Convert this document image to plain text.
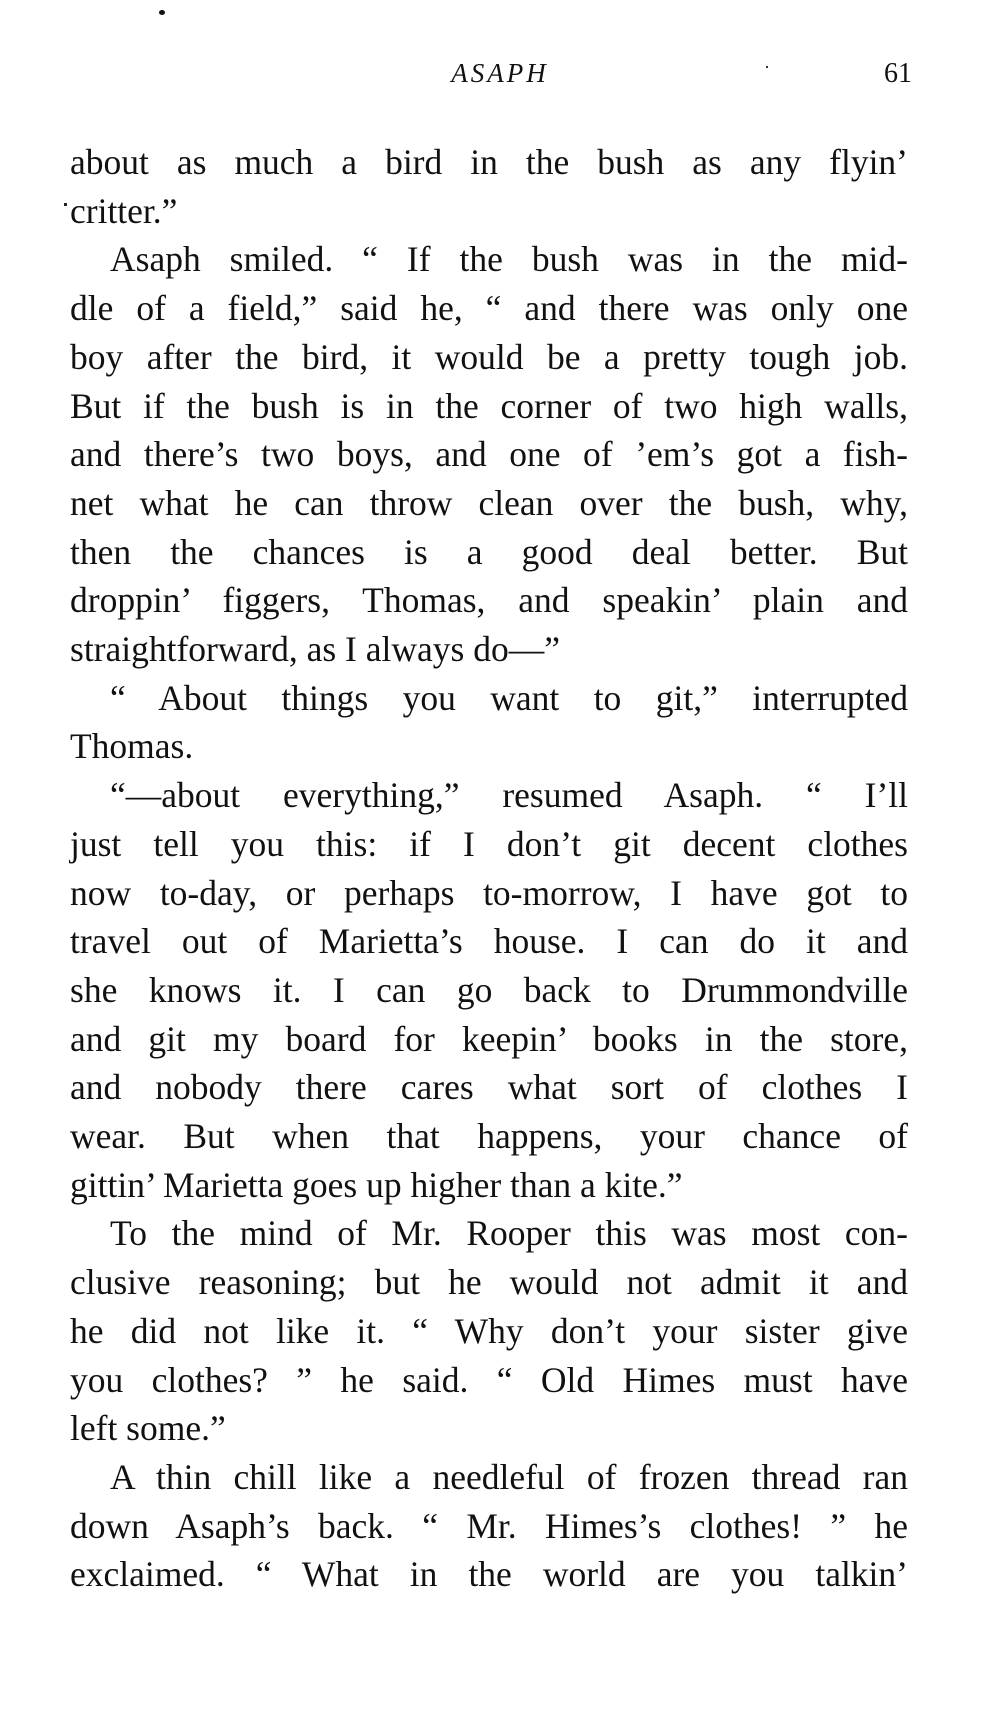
ASAPH	61
about as much a bird in the bush as any flyin’
critter.”
Asaph smiled. “ If the bush was in the mid-
dle of a field,” said he, “ and there was only one
boy after the bird, it would be a pretty tough job.
But if the bush is in the corner of two high walls,
and there’s two boys, and one of ’em’s got a fish-
net what he can throw clean over the bush, why,
then the chances is a good deal better. But
droppin’ figgers, Thomas, and speakin’ plain and
straightforward, as I always do—”
“ About things you want to git,” interrupted
Thomas.
“—about everything,” resumed Asaph. “ I’ll
just tell you this: if I don’t git decent clothes
now to-day, or perhaps to-morrow, I have got to
travel out of Marietta’s house. I can do it and
she knows it. I can go back to Drummondville
and git my board for keepin’ books in the store,
and nobody there cares what sort of clothes I
wear. But when that happens, your chance of
gittin’ Marietta goes up higher than a kite.”
To the mind of Mr. Rooper this was most con-
clusive reasoning; but he would not admit it and
he did not like it. “ Why don’t your sister give
you clothes? ” he said. “ Old Himes must have
left some.”
A thin chill like a needleful of frozen thread ran
down Asaph’s back. “ Mr. Himes’s clothes! ” he
exclaimed. “ What in the world are you talkin’
